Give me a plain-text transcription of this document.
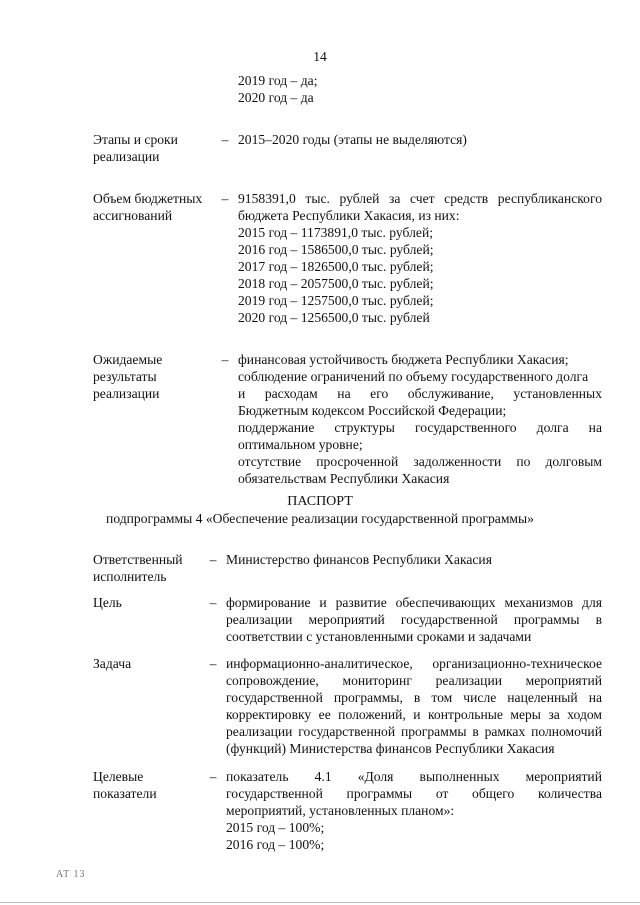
14
2019 год – да;
2020 год – да
Этапы и сроки
реализации
– 2015–2020 годы (этапы не выделяются)
Объем бюджетных
ассигнований
– 9158391,0 тыс. рублей за счет средств республиканского
бюджета Республики Хакасия, из них:
2015 год – 1173891,0 тыс. рублей;
2016 год – 1586500,0 тыс. рублей;
2017 год – 1826500,0 тыс. рублей;
2018 год – 2057500,0 тыс. рублей;
2019 год – 1257500,0 тыс. рублей;
2020 год – 1256500,0 тыс. рублей
Ожидаемые
результаты
реализации
– финансовая устойчивость бюджета Республики Хакасия;
соблюдение ограничений по объему государственного долга
и расходам на его обслуживание, установленных
Бюджетным кодексом Российской Федерации;
поддержание структуры государственного долга на
оптимальном уровне;
отсутствие просроченной задолженности по долговым
обязательствам Республики Хакасия
ПАСПОРТ
подпрограммы 4 «Обеспечение реализации государственной программы»
Ответственный
исполнитель
– Министерство финансов Республики Хакасия
Цель	– формирование и развитие обеспечивающих механизмов для
реализации мероприятий государственной программы в
соответствии с установленными сроками и задачами
Задача	– информационно-аналитическое, организационно-техническое
сопровождение, мониторинг реализации мероприятий
государственной программы, в том числе нацеленный на
корректировку ее положений, и контрольные меры за ходом
реализации государственной программы в рамках полномочий
(функций) Министерства финансов Республики Хакасия
Целевые
показатели
– показатель 4.1 «Доля выполненных мероприятий
государственной программы от общего количества
мероприятий, установленных планом»:
2015 год – 100%;
2016 год – 100%;
AT 13
